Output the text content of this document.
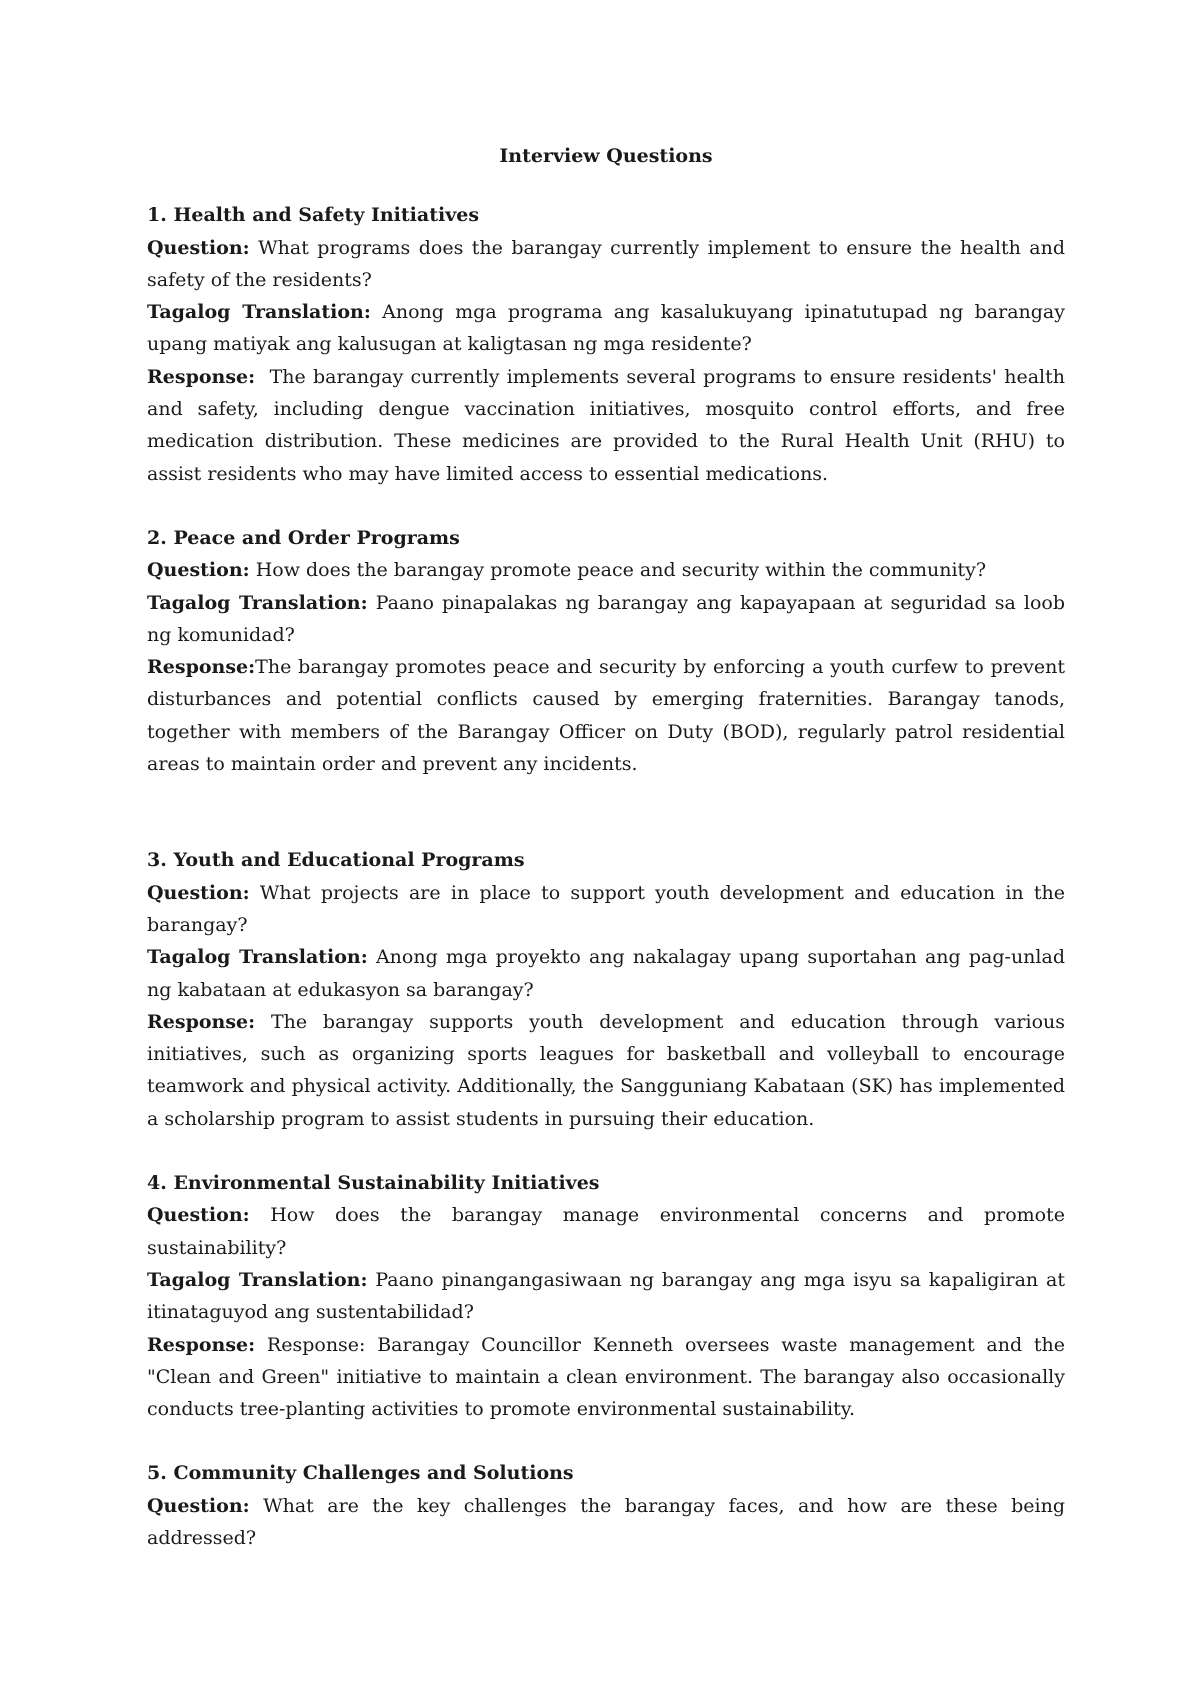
Interview Questions

1. Health and Safety Initiatives

Question: What programs does the barangay currently implement to ensure the health and safety of the residents?

Tagalog Translation: Anong mga programa ang kasalukuyang ipinatutupad ng barangay upang matiyak ang kalusugan at kaligtasan ng mga residente?

Response: The barangay currently implements several programs to ensure residents' health and safety, including dengue vaccination initiatives, mosquito control efforts, and free medication distribution. These medicines are provided to the Rural Health Unit (RHU) to assist residents who may have limited access to essential medications.

2. Peace and Order Programs

Question: How does the barangay promote peace and security within the community?

Tagalog Translation: Paano pinapalakas ng barangay ang kapayapaan at seguridad sa loob ng komunidad?

Response:The barangay promotes peace and security by enforcing a youth curfew to prevent disturbances and potential conflicts caused by emerging fraternities. Barangay tanods, together with members of the Barangay Officer on Duty (BOD), regularly patrol residential areas to maintain order and prevent any incidents.

3. Youth and Educational Programs

Question: What projects are in place to support youth development and education in the barangay?

Tagalog Translation: Anong mga proyekto ang nakalagay upang suportahan ang pag-unlad ng kabataan at edukasyon sa barangay?

Response: The barangay supports youth development and education through various initiatives, such as organizing sports leagues for basketball and volleyball to encourage teamwork and physical activity. Additionally, the Sangguniang Kabataan (SK) has implemented a scholarship program to assist students in pursuing their education.

4. Environmental Sustainability Initiatives

Question: How does the barangay manage environmental concerns and promote sustainability?

Tagalog Translation: Paano pinangangasiwaan ng barangay ang mga isyu sa kapaligiran at itinataguyod ang sustentabilidad?

Response: Response: Barangay Councillor Kenneth oversees waste management and the "Clean and Green" initiative to maintain a clean environment. The barangay also occasionally conducts tree-planting activities to promote environmental sustainability.

5. Community Challenges and Solutions

Question: What are the key challenges the barangay faces, and how are these being addressed?
